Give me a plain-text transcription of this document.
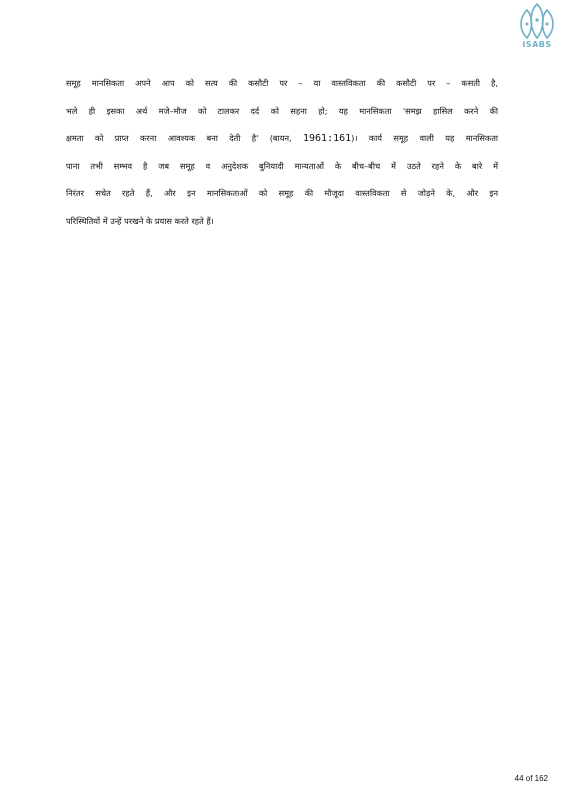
ISABS

समूह मानसिकता अपने आप को सत्य की कसौटी पर – या वास्तविकता की कसौटी पर – कसती है,
भले ही इसका अर्थ मजे–मौज को टालकर दर्द को सहना हो; यह मानसिकता 'समझ हासिल करने की
क्षमता को प्राप्त करना आवश्यक बना देती है' (बायन, 1961:161)। कार्य समूह वाली यह मानसिकता
पाना तभी सम्भव है जब समूह व अनुदेशक बुनियादी मान्यताओं के बीच–बीच में उठते रहने के बारे में
निरंतर सचेत रहते हैं, और इन मानसिकताओं को समूह की मौजूदा वास्तविकता से जोड़ने के, और इन
परिस्थितियों में उन्हें परखने के प्रयास करते रहते हैं।

44 of 162
